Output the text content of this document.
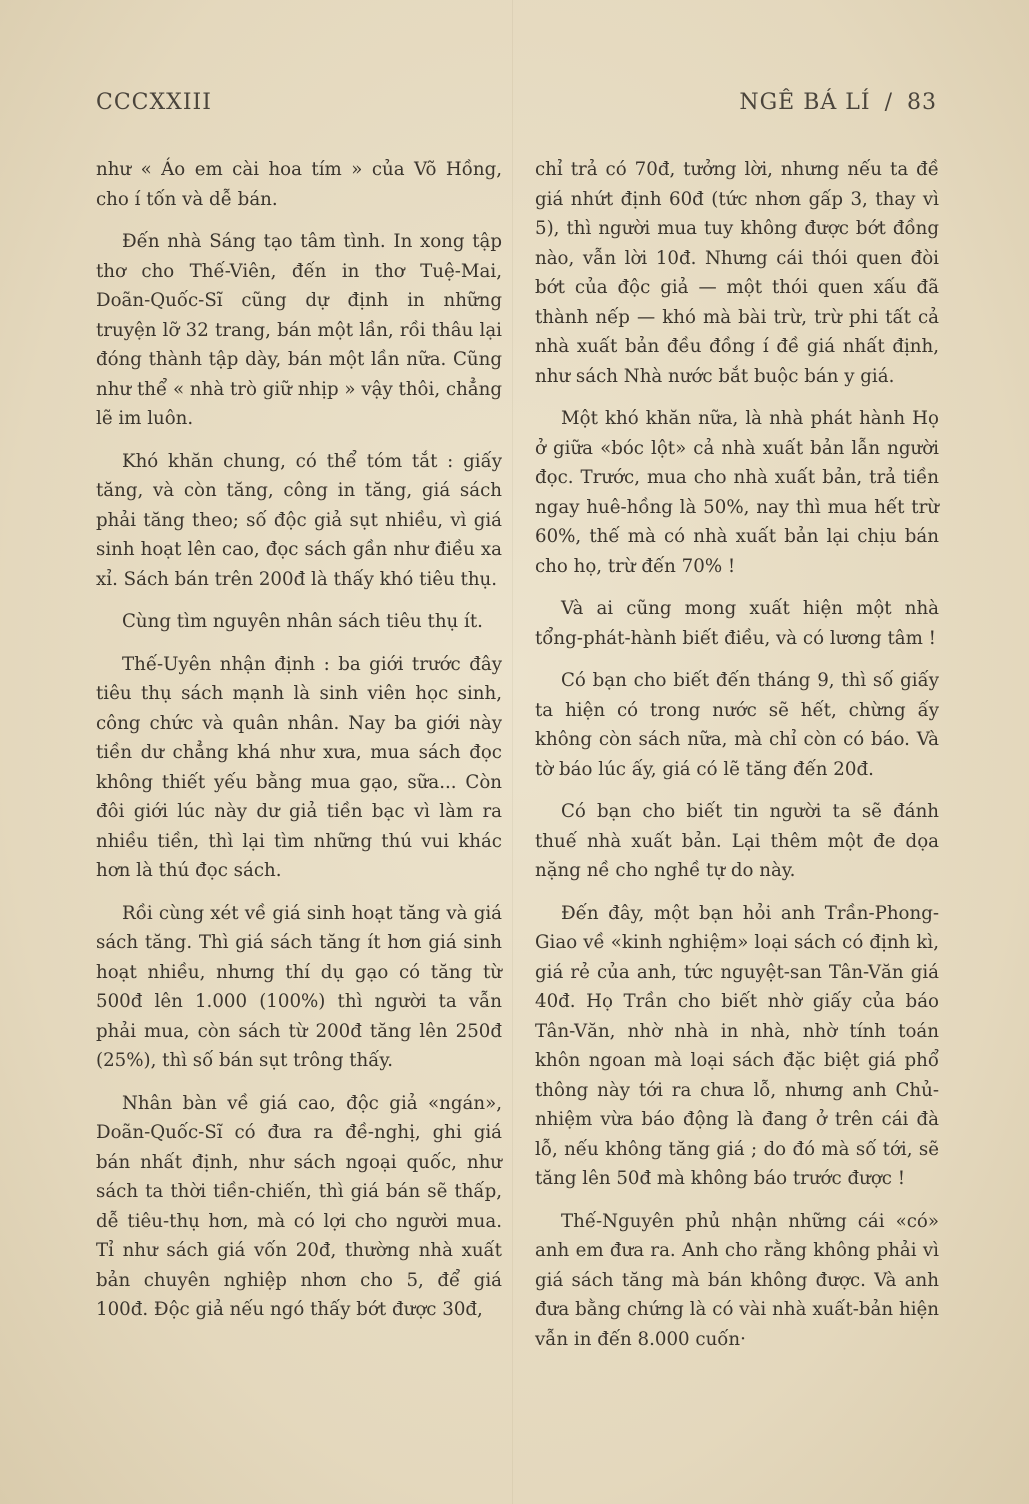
CCCXXIII	NGÊ BÁ LÍ / 83

như « Áo em cài hoa tím » của Võ Hồng, cho í tốn và dễ bán.

Đến nhà Sáng tạo tâm tình. In xong tập thơ cho Thế-Viên, đến in thơ Tuệ-Mai, Doãn-Quốc-Sĩ cũng dự định in những truyện lỡ 32 trang, bán một lần, rồi thâu lại đóng thành tập dày, bán một lần nữa. Cũng như thể « nhà trò giữ nhịp » vậy thôi, chẳng lẽ im luôn.

Khó khăn chung, có thể tóm tắt : giấy tăng, và còn tăng, công in tăng, giá sách phải tăng theo; số độc giả sụt nhiều, vì giá sinh hoạt lên cao, đọc sách gần như điều xa xỉ. Sách bán trên 200đ là thấy khó tiêu thụ.

Cùng tìm nguyên nhân sách tiêu thụ ít.

Thế-Uyên nhận định : ba giới trước đây tiêu thụ sách mạnh là sinh viên học sinh, công chức và quân nhân. Nay ba giới này tiền dư chẳng khá như xưa, mua sách đọc không thiết yếu bằng mua gạo, sữa... Còn đôi giới lúc này dư giả tiền bạc vì làm ra nhiều tiền, thì lại tìm những thú vui khác hơn là thú đọc sách.

Rồi cùng xét về giá sinh hoạt tăng và giá sách tăng. Thì giá sách tăng ít hơn giá sinh hoạt nhiều, nhưng thí dụ gạo có tăng từ 500đ lên 1.000 (100%) thì người ta vẫn phải mua, còn sách từ 200đ tăng lên 250đ (25%), thì số bán sụt trông thấy.

Nhân bàn về giá cao, độc giả «ngán», Doãn-Quốc-Sĩ có đưa ra đề-nghị, ghi giá bán nhất định, như sách ngoại quốc, như sách ta thời tiền-chiến, thì giá bán sẽ thấp, dễ tiêu-thụ hơn, mà có lợi cho người mua. Tỉ như sách giá vốn 20đ, thường nhà xuất bản chuyên nghiệp nhơn cho 5, để giá 100đ. Độc giả nếu ngó thấy bớt được 30đ,

chỉ trả có 70đ, tưởng lời, nhưng nếu ta đề giá nhứt định 60đ (tức nhơn gấp 3, thay vì 5), thì người mua tuy không được bớt đồng nào, vẫn lời 10đ. Nhưng cái thói quen đòi bớt của độc giả — một thói quen xấu đã thành nếp — khó mà bài trừ, trừ phi tất cả nhà xuất bản đều đồng í đề giá nhất định, như sách Nhà nước bắt buộc bán y giá.

Một khó khăn nữa, là nhà phát hành Họ ở giữa «bóc lột» cả nhà xuất bản lẫn người đọc. Trước, mua cho nhà xuất bản, trả tiền ngay huê-hồng là 50%, nay thì mua hết trừ 60%, thế mà có nhà xuất bản lại chịu bán cho họ, trừ đến 70% !

Và ai cũng mong xuất hiện một nhà tổng-phát-hành biết điều, và có lương tâm !

Có bạn cho biết đến tháng 9, thì số giấy ta hiện có trong nước sẽ hết, chừng ấy không còn sách nữa, mà chỉ còn có báo. Và tờ báo lúc ấy, giá có lẽ tăng đến 20đ.

Có bạn cho biết tin người ta sẽ đánh thuế nhà xuất bản. Lại thêm một đe dọa nặng nề cho nghề tự do này.

Đến đây, một bạn hỏi anh Trần-Phong-Giao về «kinh nghiệm» loại sách có định kì, giá rẻ của anh, tức nguyệt-san Tân-Văn giá 40đ. Họ Trần cho biết nhờ giấy của báo Tân-Văn, nhờ nhà in nhà, nhờ tính toán khôn ngoan mà loại sách đặc biệt giá phổ thông này tới ra chưa lỗ, nhưng anh Chủ-nhiệm vừa báo động là đang ở trên cái đà lỗ, nếu không tăng giá ; do đó mà số tới, sẽ tăng lên 50đ mà không báo trước được !

Thế-Nguyên phủ nhận những cái «có» anh em đưa ra. Anh cho rằng không phải vì giá sách tăng mà bán không được. Và anh đưa bằng chứng là có vài nhà xuất-bản hiện vẫn in đến 8.000 cuốn·
